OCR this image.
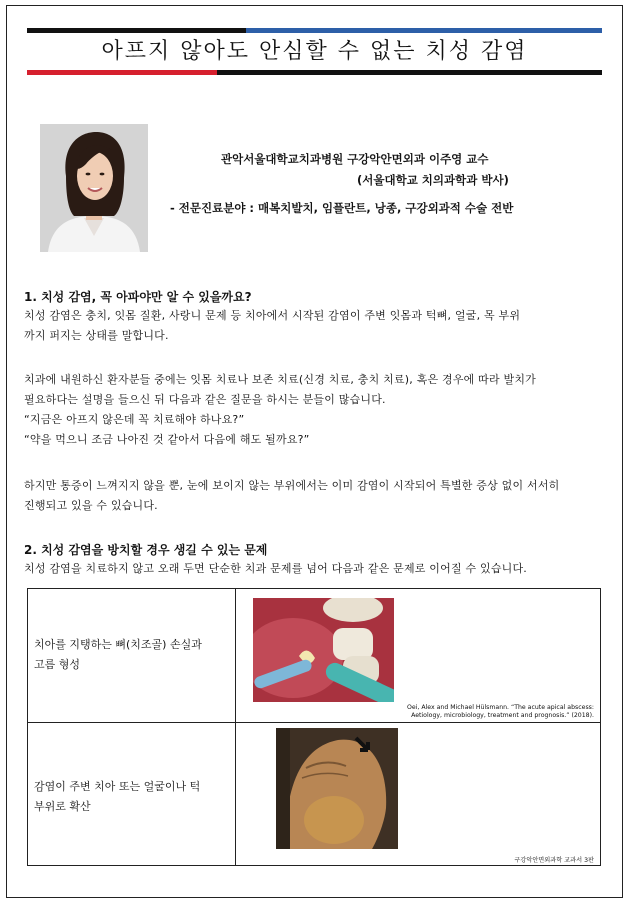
아프지 않아도 안심할 수 없는 치성 감염
관악서울대학교치과병원 구강악안면외과 이주영 교수
(서울대학교 치의과학과 박사)
- 전문진료분야 : 매복치발치, 임플란트, 낭종, 구강외과적 수술 전반
1. 치성 감염, 꼭 아파야만 알 수 있을까요?

치성 감염은 충치, 잇몸 질환, 사랑니 문제 등 치아에서 시작된 감염이 주변 잇몸과 턱뼈, 얼굴, 목 부위

까지 퍼지는 상태를 말합니다.

치과에 내원하신 환자분들 중에는 잇몸 치료나 보존 치료(신경 치료, 충치 치료), 혹은 경우에 따라 발치가

필요하다는 설명을 들으신 뒤 다음과 같은 질문을 하시는 분들이 많습니다.

“지금은 아프지 않은데 꼭 치료해야 하나요?”

“약을 먹으니 조금 나아진 것 같아서 다음에 해도 될까요?”

하지만 통증이 느껴지지 않을 뿐, 눈에 보이지 않는 부위에서는 이미 감염이 시작되어 특별한 증상 없이 서서히

진행되고 있을 수 있습니다.

2. 치성 감염을 방치할 경우 생길 수 있는 문제

치성 감염을 치료하지 않고 오래 두면 단순한 치과 문제를 넘어 다음과 같은 문제로 이어질 수 있습니다.

치아를 지탱하는 뼈(치조골) 손실과

고름 형성

Oei, Alex and Michael Hülsmann. “The acute apical abscess:

Aetiology, microbiology, treatment and prognosis.” (2018).

감염이 주변 치아 또는 얼굴이나 턱

부위로 확산

구강악안면외과학 교과서 3판
